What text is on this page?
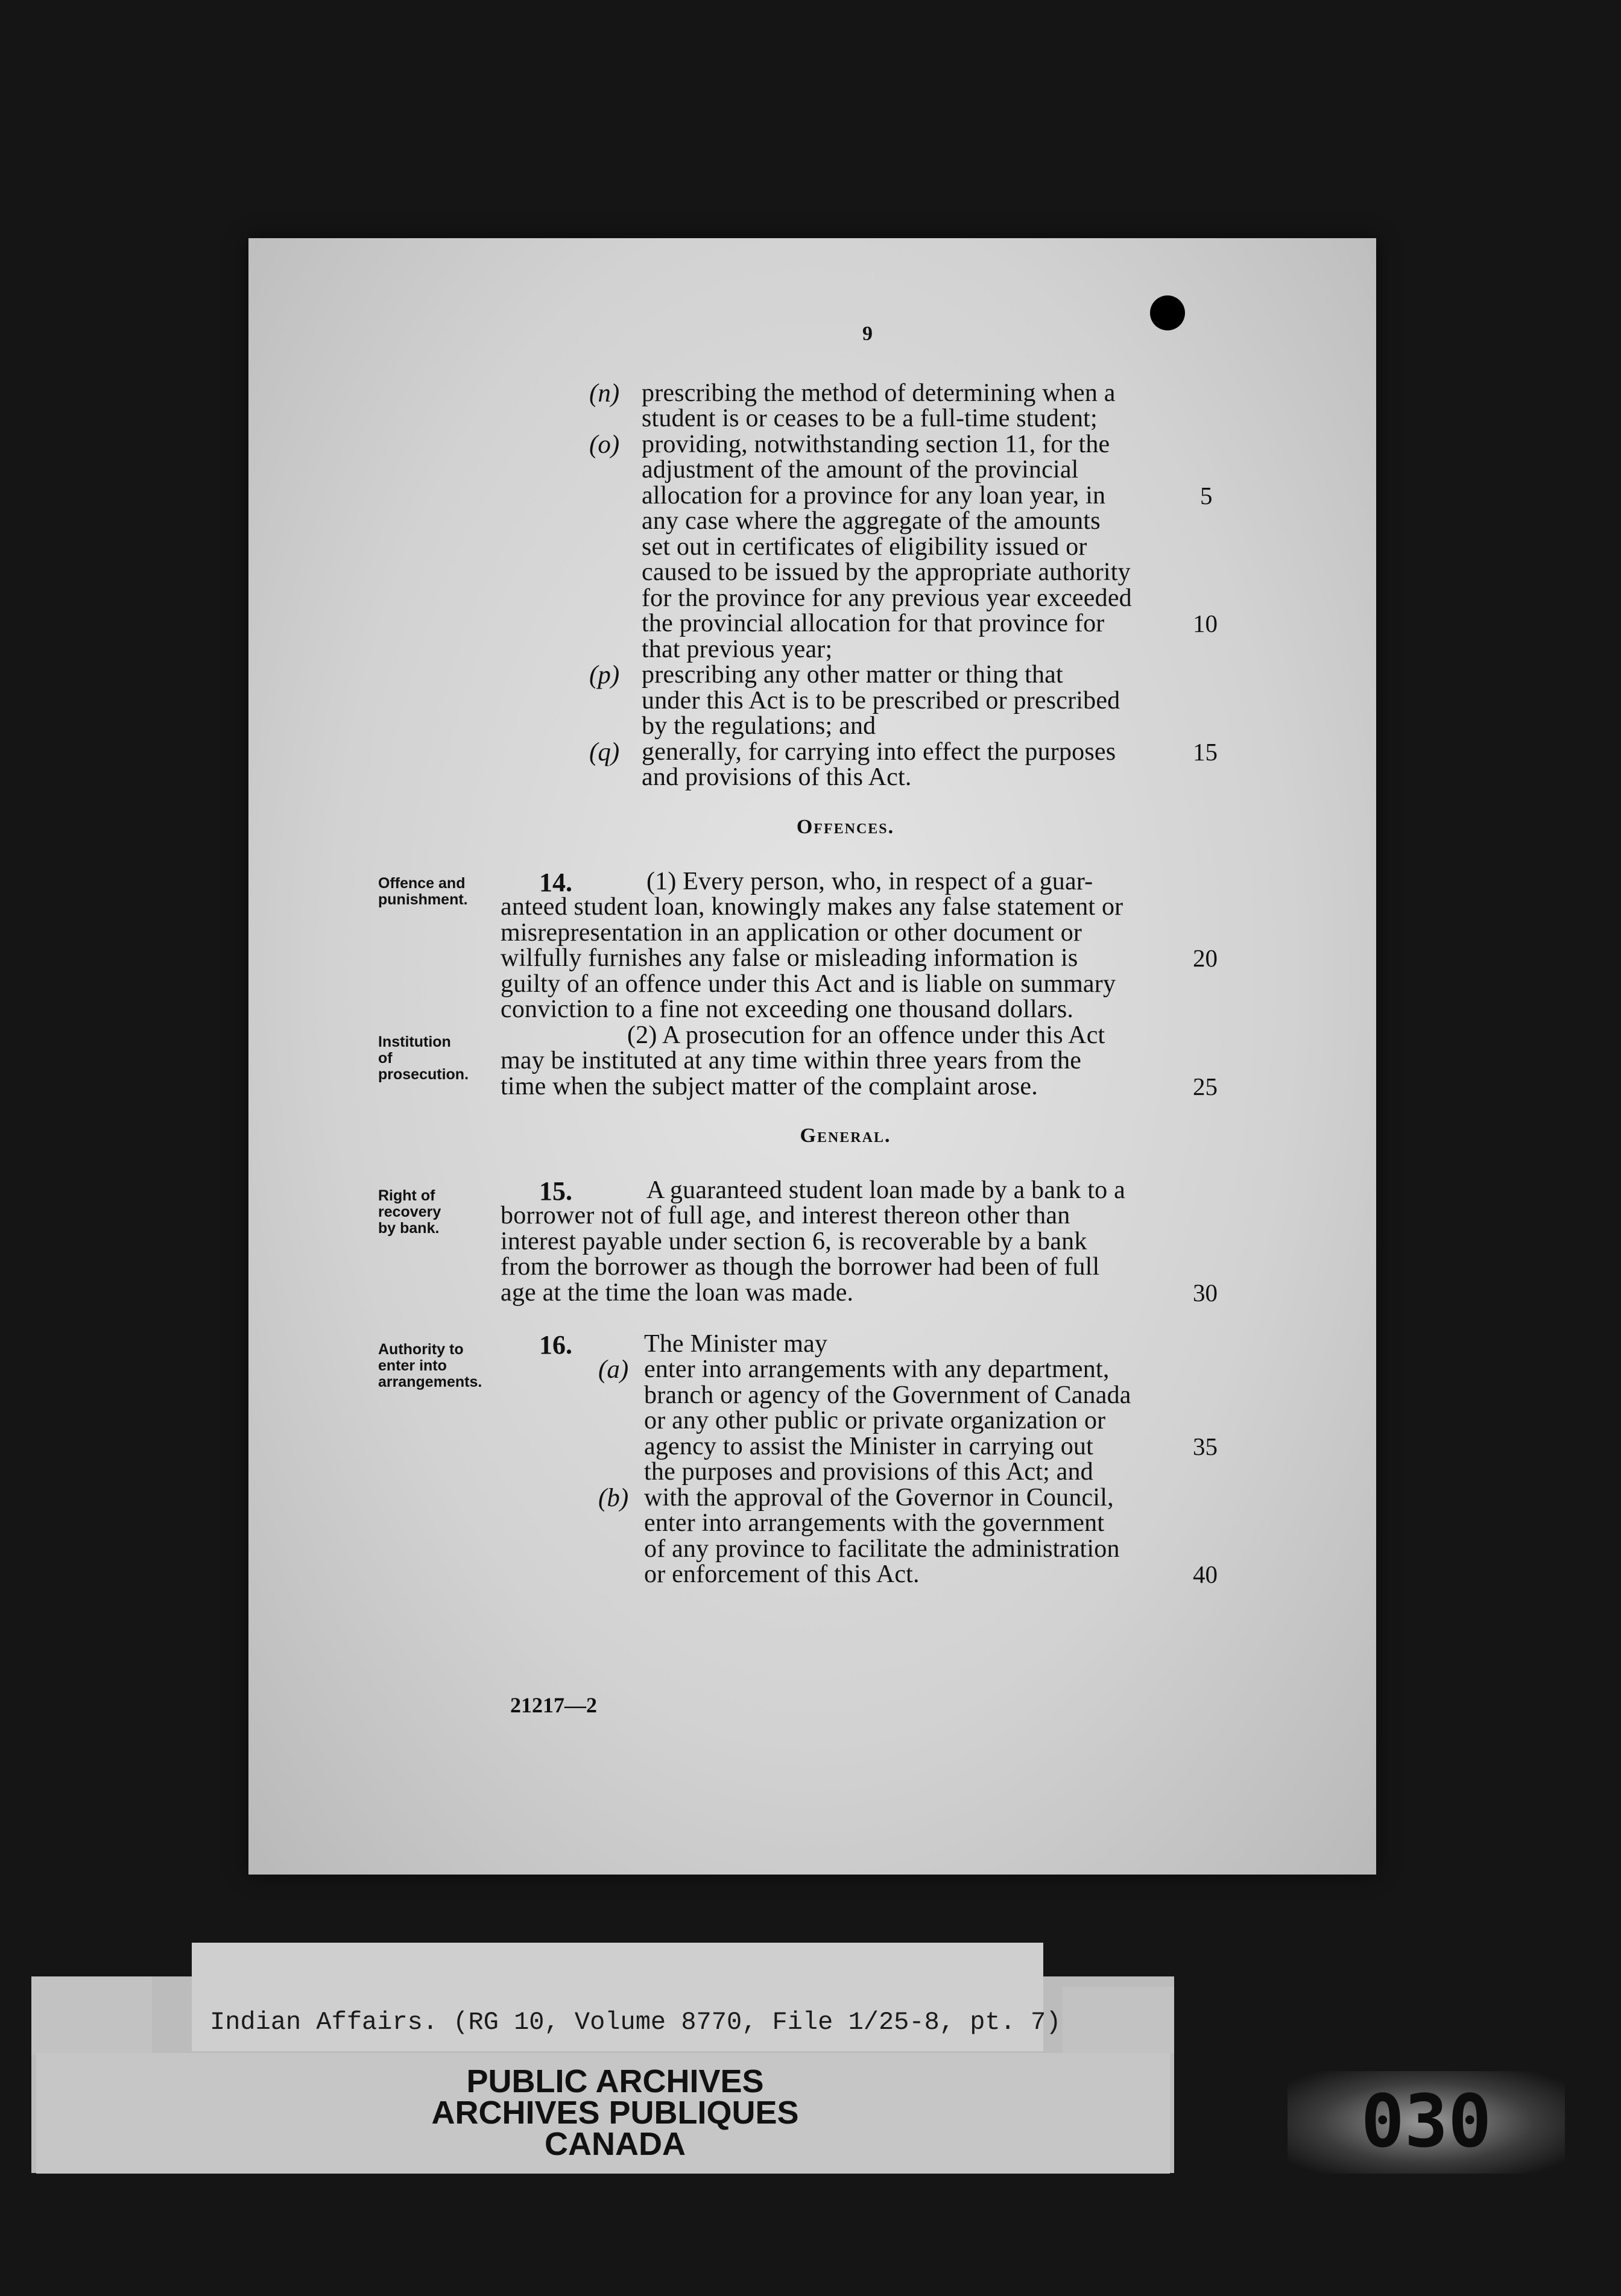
9
(n) prescribing the method of determining when a
student is or ceases to be a full-time student;
(o) providing, notwithstanding section 11, for the
adjustment of the amount of the provincial
allocation for a province for any loan year, in
any case where the aggregate of the amounts
set out in certificates of eligibility issued or
caused to be issued by the appropriate authority
for the province for any previous year exceeded
the provincial allocation for that province for
that previous year;
(p) prescribing any other matter or thing that
under this Act is to be prescribed or prescribed
by the regulations; and
(q) generally, for carrying into effect the purposes
and provisions of this Act.
Offences.
Offence and
punishment.
14.	(1) Every person, who, in respect of a guar-
anteed student loan, knowingly makes any false statement or
misrepresentation in an application or other document or
wilfully furnishes any false or misleading information is
guilty of an offence under this Act and is liable on summary
conviction to a fine not exceeding one thousand dollars.
Institution
of
prosecution.
(2) A prosecution for an offence under this Act
may be instituted at any time within three years from the
time when the subject matter of the complaint arose.
General.
Right of
recovery
by bank.
15.	A guaranteed student loan made by a bank to a
borrower not of full age, and interest thereon other than
interest payable under section 6, is recoverable by a bank
from the borrower as though the borrower had been of full
age at the time the loan was made.
Authority to
enter into
arrangements.
16.	The Minister may
(a) enter into arrangements with any department,
branch or agency of the Government of Canada
or any other public or private organization or
agency to assist the Minister in carrying out
the purposes and provisions of this Act; and
(b) with the approval of the Governor in Council,
enter into arrangements with the government
of any province to facilitate the administration
or enforcement of this Act.
5
10
15
20
25
30
35
40
21217—2
Indian Affairs. (RG 10, Volume 8770, File 1/25-8, pt. 7)
PUBLIC ARCHIVES
ARCHIVES PUBLIQUES
CANADA	030
